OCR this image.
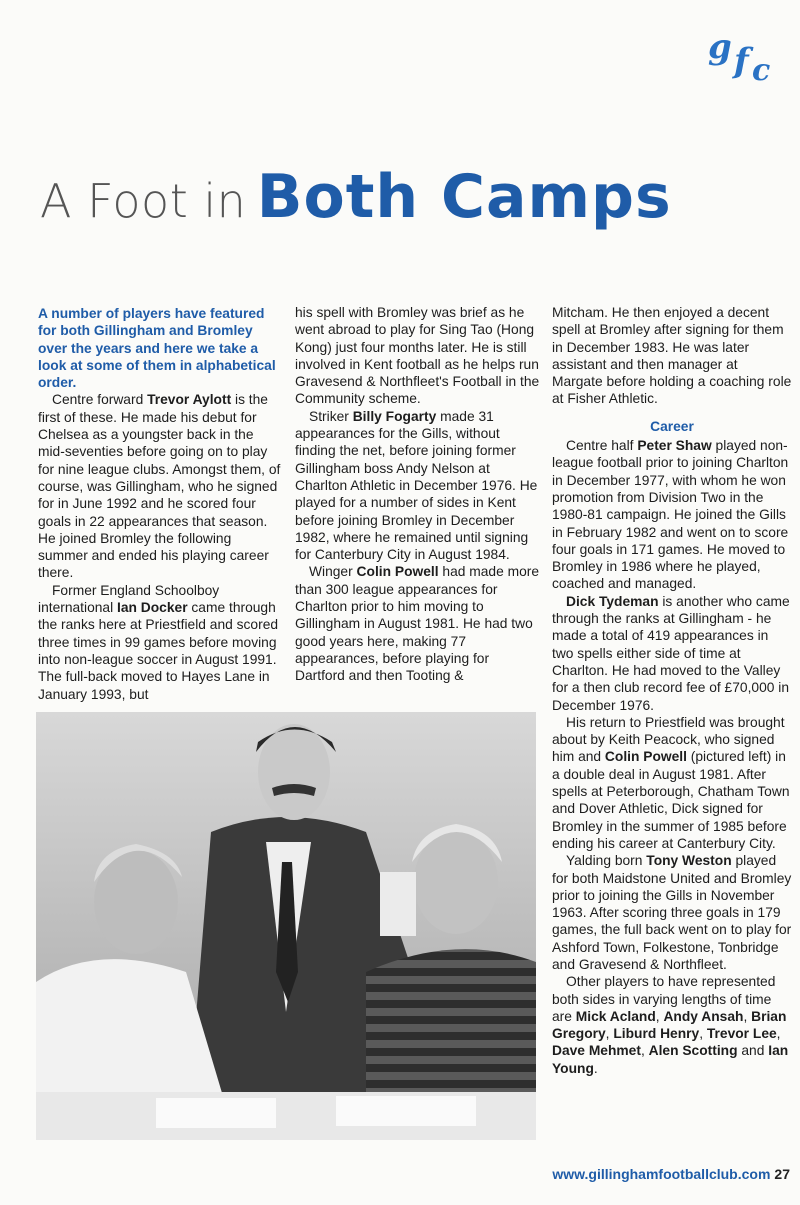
g f c
A Foot in Both Camps

A number of players have featured for both Gillingham and Bromley over the years and here we take a look at some of them in alphabetical order.

Centre forward Trevor Aylott is the first of these. He made his debut for Chelsea as a youngster back in the mid-seventies before going on to play for nine league clubs. Amongst them, of course, was Gillingham, who he signed for in June 1992 and he scored four goals in 22 appearances that season. He joined Bromley the following summer and ended his playing career there.

Former England Schoolboy international Ian Docker came through the ranks here at Priestfield and scored three times in 99 games before moving into non-league soccer in August 1991. The full-back moved to Hayes Lane in January 1993, but

his spell with Bromley was brief as he went abroad to play for Sing Tao (Hong Kong) just four months later. He is still involved in Kent football as he helps run Gravesend & Northfleet's Football in the Community scheme.

Striker Billy Fogarty made 31 appearances for the Gills, without finding the net, before joining former Gillingham boss Andy Nelson at Charlton Athletic in December 1976. He played for a number of sides in Kent before joining Bromley in December 1982, where he remained until signing for Canterbury City in August 1984.

Winger Colin Powell had made more than 300 league appearances for Charlton prior to him moving to Gillingham in August 1981. He had two good years here, making 77 appearances, before playing for Dartford and then Tooting &

Mitcham. He then enjoyed a decent spell at Bromley after signing for them in December 1983. He was later assistant and then manager at Margate before holding a coaching role at Fisher Athletic.

Career

Centre half Peter Shaw played non-league football prior to joining Charlton in December 1977, with whom he won promotion from Division Two in the 1980-81 campaign. He joined the Gills in February 1982 and went on to score four goals in 171 games. He moved to Bromley in 1986 where he played, coached and managed.

Dick Tydeman is another who came through the ranks at Gillingham - he made a total of 419 appearances in two spells either side of time at Charlton. He had moved to the Valley for a then club record fee of £70,000 in December 1976.

His return to Priestfield was brought about by Keith Peacock, who signed him and Colin Powell (pictured left) in a double deal in August 1981. After spells at Peterborough, Chatham Town and Dover Athletic, Dick signed for Bromley in the summer of 1985 before ending his career at Canterbury City.

Yalding born Tony Weston played for both Maidstone United and Bromley prior to joining the Gills in November 1963. After scoring three goals in 179 games, the full back went on to play for Ashford Town, Folkestone, Tonbridge and Gravesend & Northfleet.

Other players to have represented both sides in varying lengths of time are Mick Acland, Andy Ansah, Brian Gregory, Liburd Henry, Trevor Lee, Dave Mehmet, Alen Scotting and Ian Young.

www.gillinghamfootballclub.com 27
